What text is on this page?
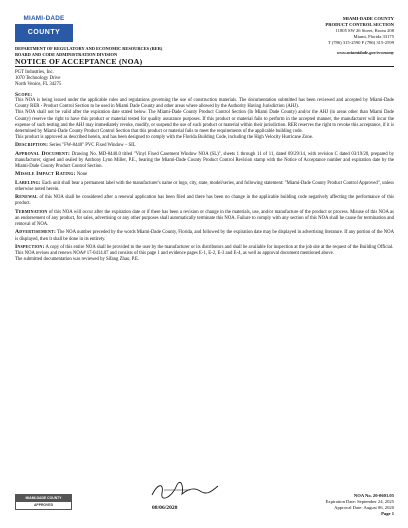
MIAMI-DADE
COUNTY
MIAMI-DADE COUNTY
PRODUCT CONTROL SECTION
11805 SW 26 Street, Room 208
Miami, Florida 33175
T (786) 315-2590 F (786) 315-2599
DEPARTMENT OF REGULATORY AND ECONOMIC RESOURCES (RER)
BOARD AND CODE ADMINISTRATION DIVISION	www.miamidade.gov/economy
NOTICE OF ACCEPTANCE (NOA)
PGT Industries, Inc.
1070 Technology Drive
North Venice, FL 34275

Scope:

This NOA is being issued under the applicable rules and regulations governing the use of construction materials. The documentation submitted has been reviewed and accepted by Miami-Dade County RER - Product Control Section to be used in Miami Dade County and other areas where allowed by the Authority Having Jurisdiction (AHJ).

This NOA shall not be valid after the expiration date stated below. The Miami-Dade County Product Control Section (In Miami Dade County) and/or the AHJ (in areas other than Miami Dade County) reserve the right to have this product or material tested for quality assurance purposes. If this product or material fails to perform in the accepted manner, the manufacturer will incur the expense of such testing and the AHJ may immediately revoke, modify, or suspend the use of such product or material within their jurisdiction. RER reserves the right to revoke this acceptance, if it is determined by Miami-Dade County Product Control Section that this product or material fails to meet the requirements of the applicable building code.

This product is approved as described herein, and has been designed to comply with the Florida Building Code, including the High Velocity Hurricane Zone.

Description: Series "FW-8440" PVC Fixed Window – SIL

Approval Document: Drawing No. MD-8440.0 titled "Vinyl Fixed Casement Window NOA (SL)", sheets 1 through 11 of 11, dated 09/29/14, with revision C dated 03/19/20, prepared by manufacturer, signed and sealed by Anthony Lynn Miller, P.E., bearing the Miami-Dade County Product Control Revision stamp with the Notice of Acceptance number and expiration date by the Miami-Dade County Product Control Section.

Missile Impact Rating: None

Labeling: Each unit shall bear a permanent label with the manufacturer's name or logo, city, state, model/series, and following statement: "Miami-Dade County Product Control Approved", unless otherwise noted herein.

Renewal of this NOA shall be considered after a renewal application has been filed and there has been no change in the applicable building code negatively affecting the performance of this product.

Termination of this NOA will occur after the expiration date or if there has been a revision or change in the materials, use, and/or manufacture of the product or process. Misuse of this NOA as an endorsement of any product, for sales, advertising or any other purposes shall automatically terminate this NOA. Failure to comply with any section of this NOA shall be cause for termination and removal of NOA.

Advertisement: The NOA number preceded by the words Miami-Dade County, Florida, and followed by the expiration date may be displayed in advertising literature. If any portion of the NOA is displayed, then it shall be done in its entirety.

Inspection: A copy of this entire NOA shall be provided to the user by the manufacturer or its distributors and shall be available for inspection at the job site at the request of the Building Official.

This NOA revises and renews NOA# 17-0414.07 and consists of this page 1 and evidence pages E-1, E-2, E-3 and E-4, as well as approval document mentioned above.

The submitted documentation was reviewed by Sifang Zhao, P.E.

MIAMI-DADE COUNTY
APPROVED	08/06/2020
NOA No. 20-0601.05
Expiration Date: September 24, 2025
Approval Date: August 06, 2020
Page 1
